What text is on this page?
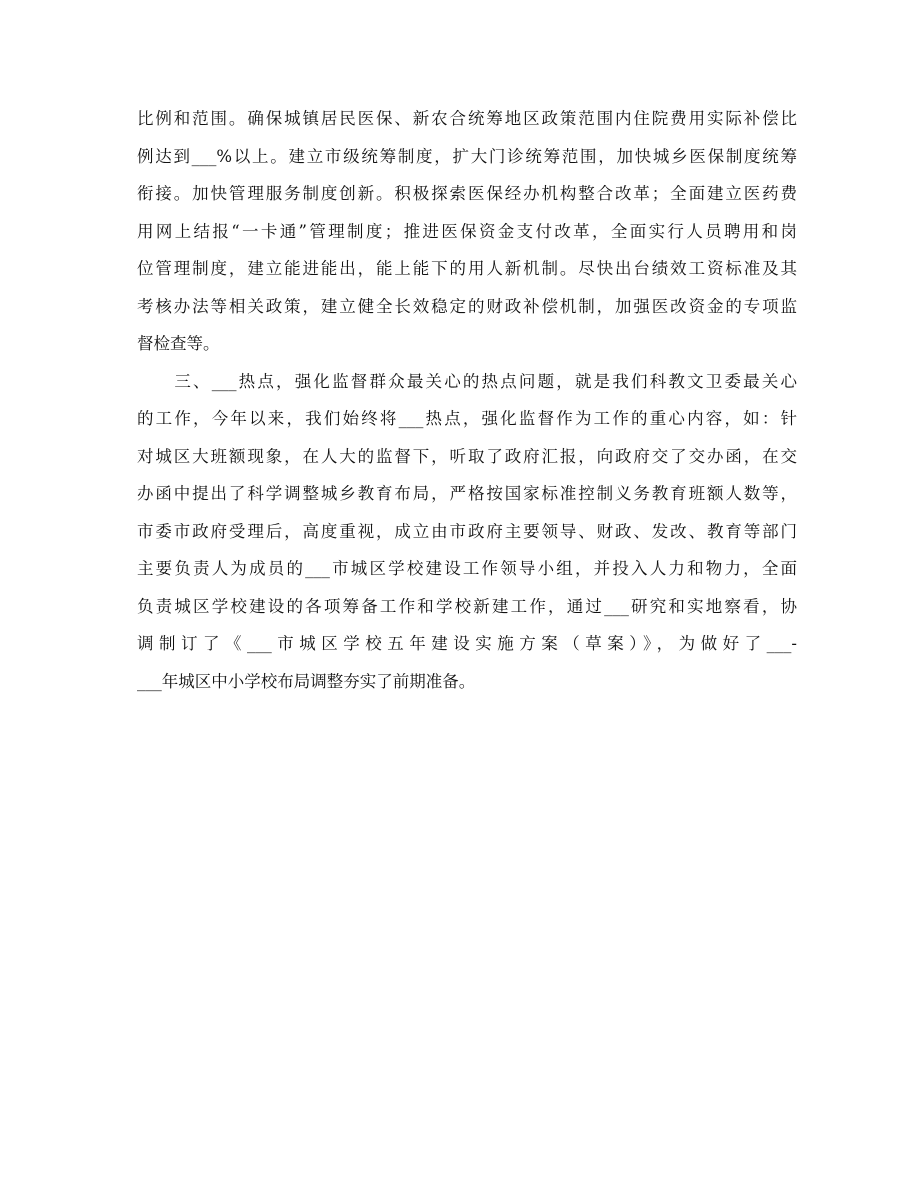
比例和范围。确保城镇居民医保、新农合统筹地区政策范围内住院费用实际补偿比
例达到___%以上。建立市级统筹制度，扩大门诊统筹范围，加快城乡医保制度统筹
衔接。加快管理服务制度创新。积极探索医保经办机构整合改革；全面建立医药费
用网上结报“一卡通”管理制度；推进医保资金支付改革，全面实行人员聘用和岗
位管理制度，建立能进能出，能上能下的用人新机制。尽快出台绩效工资标准及其
考核办法等相关政策，建立健全长效稳定的财政补偿机制，加强医改资金的专项监
督检查等。
　　三、___热点，强化监督群众最关心的热点问题，就是我们科教文卫委最关心
的工作，今年以来，我们始终将___热点，强化监督作为工作的重心内容，如：针
对城区大班额现象，在人大的监督下，听取了政府汇报，向政府交了交办函，在交
办函中提出了科学调整城乡教育布局，严格按国家标准控制义务教育班额人数等，
市委市政府受理后，高度重视，成立由市政府主要领导、财政、发改、教育等部门
主要负责人为成员的___市城区学校建设工作领导小组，并投入人力和物力，全面
负责城区学校建设的各项筹备工作和学校新建工作，通过___研究和实地察看，协
调制订了《___市城区学校五年建设实施方案（草案）》，为做好了___-
___年城区中小学校布局调整夯实了前期准备。
